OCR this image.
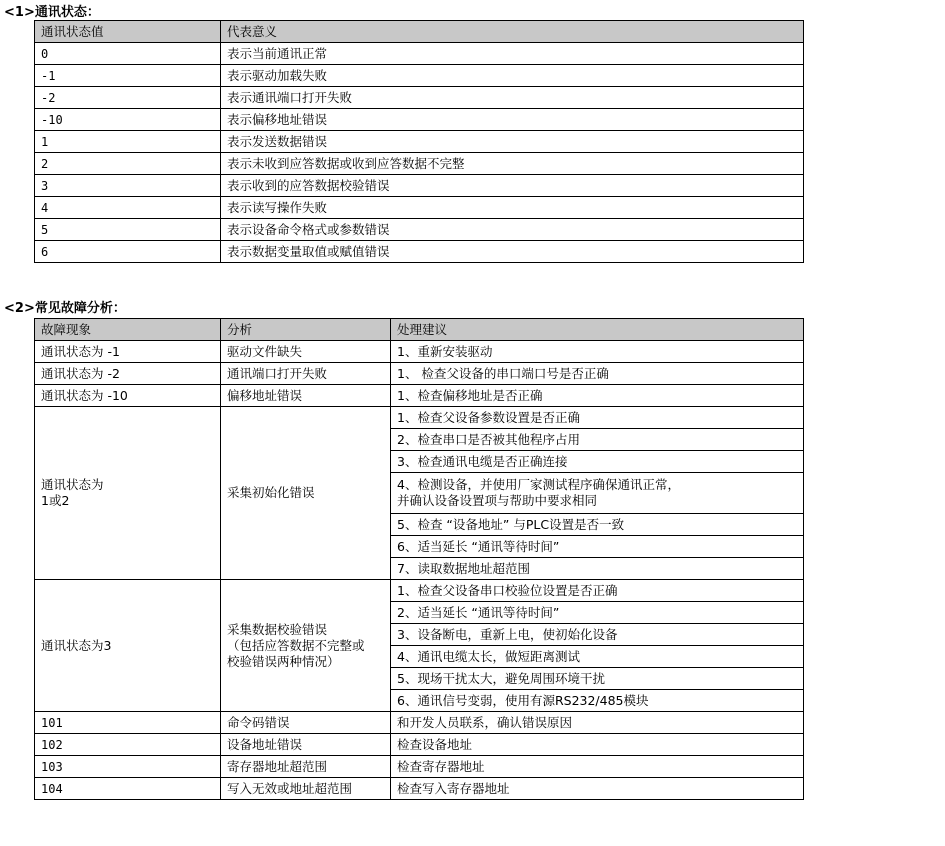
<1>通讯状态：
通讯状态值	代表意义
0	表示当前通讯正常
-1	表示驱动加载失败
-2	表示通讯端口打开失败
-10	表示偏移地址错误
1	表示发送数据错误
2	表示未收到应答数据或收到应答数据不完整
3	表示收到的应答数据校验错误
4	表示读写操作失败
5	表示设备命令格式或参数错误
6	表示数据变量取值或赋值错误
<2>常见故障分析：
故障现象	分析	处理建议
通讯状态为 -1	驱动文件缺失	1、重新安装驱动
通讯状态为 -2	通讯端口打开失败	1、 检查父设备的串口端口号是否正确
通讯状态为 -10	偏移地址错误	1、检查偏移地址是否正确

通讯状态为
1或2	采集初始化错误	1、检查父设备参数设置是否正确
		2、检查串口是否被其他程序占用
		3、检查通讯电缆是否正确连接

		4、检测设备，并使用厂家测试程序确保通讯正常，
并确认设备设置项与帮助中要求相同

		5、检查 “设备地址” 与PLC设置是否一致
		6、适当延长 “通讯等待时间”
		7、读取数据地址超范围
通讯状态为3	采集数据校验错误
（包括应答数据不完整或
校验错误两种情况）	1、检查父设备串口校验位设置是否正确
		2、适当延长 “通讯等待时间”
		3、设备断电，重新上电，使初始化设备
		4、通讯电缆太长，做短距离测试
		5、现场干扰太大，避免周围环境干扰
		6、通讯信号变弱，使用有源RS232/485模块
101	命令码错误	和开发人员联系，确认错误原因
102	设备地址错误	检查设备地址
103	寄存器地址超范围	检查寄存器地址
104	写入无效或地址超范围	检查写入寄存器地址
